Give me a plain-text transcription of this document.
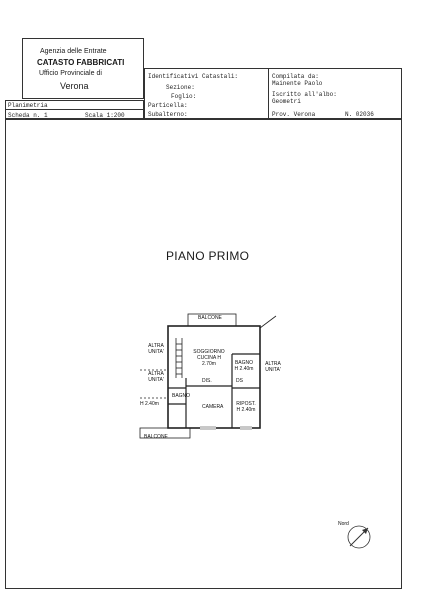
Agenzia delle Entrate
CATASTO FABBRICATI
Ufficio Provinciale di
Verona
Identificativi Catastali:
Sezione:
Foglio:
Particella:
Subalterno:
Compilata da:
Mainente Paolo
Iscritto all'albo:
Geometri
Prov. Verona	N. 02036
Planimetria
Scheda n. 1	Scala 1:200
PIANO PRIMO
BALCONE
ALTRA UNITA'
ALTRA UNITA'
ALTRA UNITA'
SOGGIORNO CUCINA H 2.70m	BAGNO H 2.40m
DIS.	DS
H 2.40m
BAGNO
CAMERA	RIPOST. H 2.40m
BALCONE
Nord
